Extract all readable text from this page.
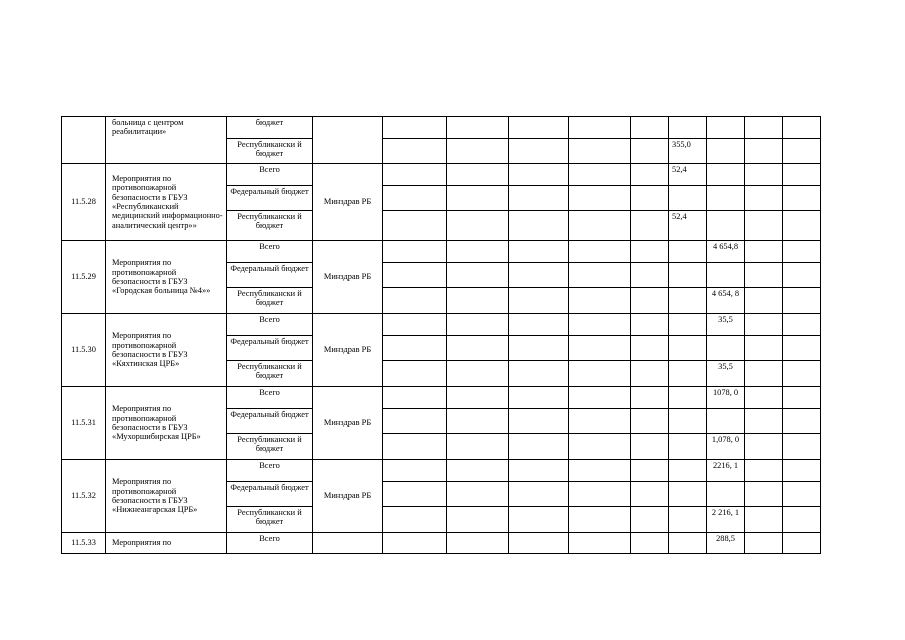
	больница с центром реабилитации»	бюджет										
		Республикански й бюджет							355,0			
11.5.28	Мероприятия по противопожарной безопасности в ГБУЗ «Республиканский медицинский информационно-аналитический центр»»	Всего	Минздрав РБ						52,4			
		Федеральный бюджет										
		Республикански й бюджет							52,4			
11.5.29	Мероприятия по противопожарной безопасности в ГБУЗ «Городская больница №4»»	Всего	Минздрав РБ							4 654,8		
		Федеральный бюджет										
		Республикански й бюджет								4 654, 8		
11.5.30	Мероприятия по противопожарной безопасности в ГБУЗ «Кяхтинская ЦРБ»	Всего	Минздрав РБ							35,5		
		Федеральный бюджет										
		Республикански й бюджет								35,5		
11.5.31	Мероприятия по противопожарной безопасности в ГБУЗ «Мухоршибирская ЦРБ»	Всего	Минздрав РБ							1078, 0		
		Федеральный бюджет										
		Республикански й бюджет								1,078, 0		
11.5.32	Мероприятия по противопожарной безопасности в ГБУЗ «Нижнеангарская ЦРБ»	Всего	Минздрав РБ							2216, 1		
		Федеральный бюджет										
		Республикански й бюджет								2 216, 1		
11.5.33	Мероприятия по	Всего								288,5		
